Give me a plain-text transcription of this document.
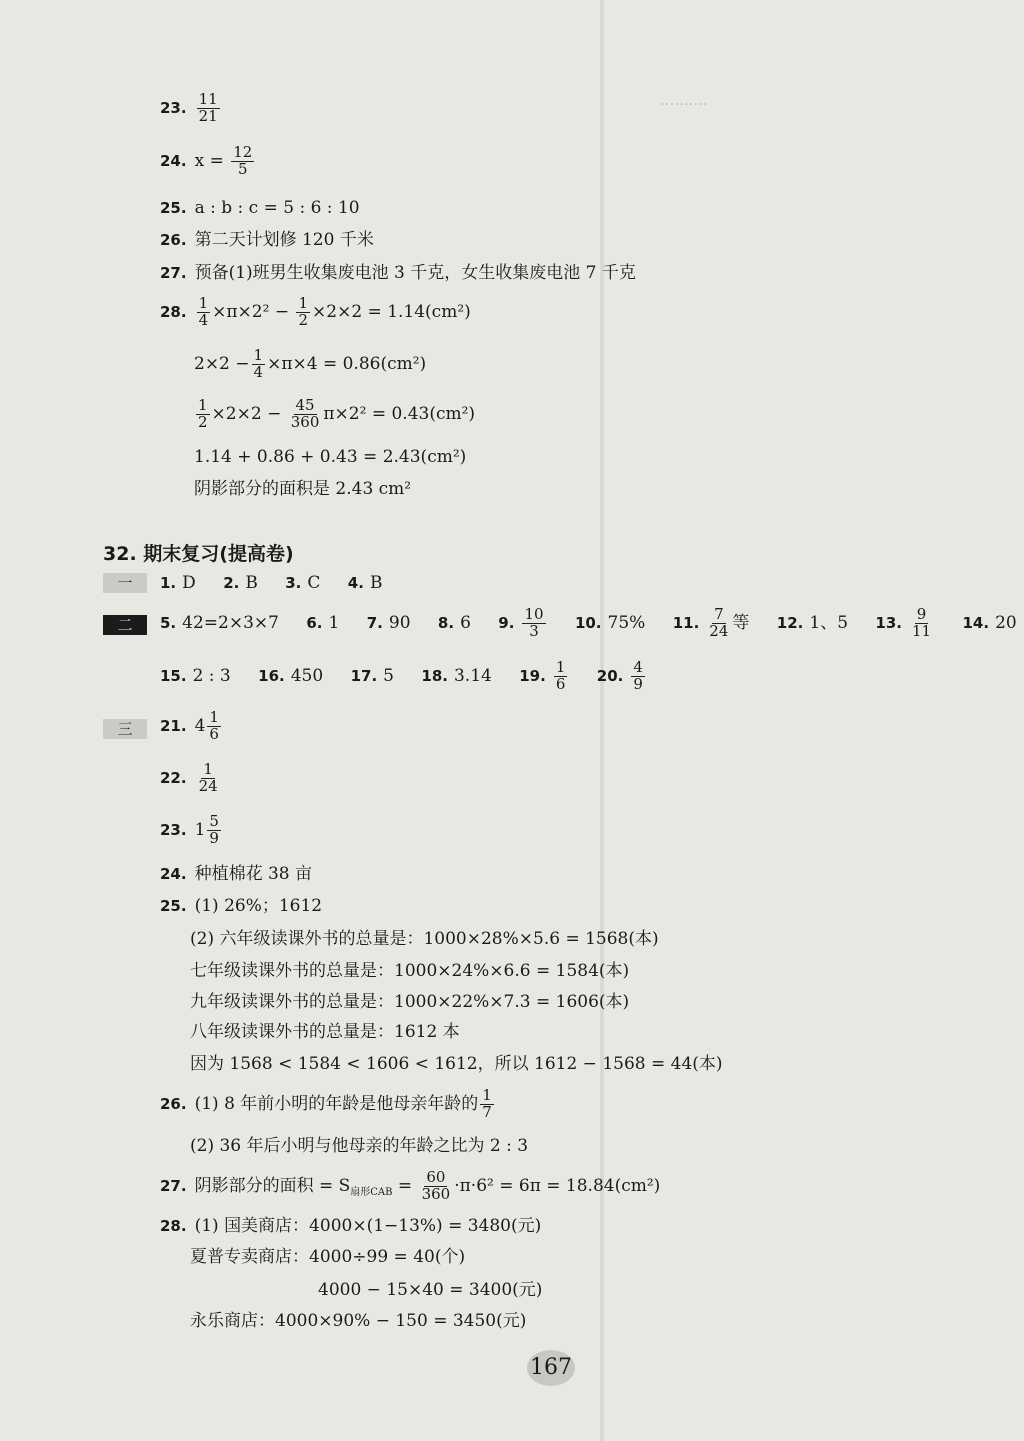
··········
23. $\frac{11}{21}$
24. $x = \frac{12}{5}$
25. a : b : c = 5 : 6 : 10
26. 第二天计划修 120 千米
27. 预备(1)班男生收集废电池 3 千克，女生收集废电池 7 千克
28. $\frac{1}{4} \times\pi\times 2^2 - \frac{1}{2} \times 2\times 2 = 1.14(cm^2)$
$2\times 2 - \frac{1}{4} \times\pi\times 4 = 0.86(cm^2)$
$\frac{1}{2} \times 2\times 2 - \frac{45}{360} \pi\times 2^2 = 0.43(cm^2)$
1.14 + 0.86 + 0.43 = 2.43(cm²)
阴影部分的面积是 2.43 cm²
32. 期末复习(提高卷)
一	1. D 2. B 3. C 4. B
二	5. 42=2×3×7 6. 1 7. 90 8. 6 9. $\frac{10}{3} 10$. 75% 11. $\frac{7}{24}$ 等 12. 1、5 13. $\frac{9}{11} 14$. 20
15. 2 : 3 16. 450 17. 5 18. 3.14 19. $\frac{1}{6} 20$. $\frac{4}{9}$
三	21. $4 \frac{1}{6}$
22. $\frac{1}{24}$
23. $1 \frac{5}{9}$
24. 种植棉花 38 亩
25. (1) 26%；1612
(2) 六年级读课外书的总量是：1000×28%×5.6 = 1568(本)
七年级读课外书的总量是：1000×24%×6.6 = 1584(本)
九年级读课外书的总量是：1000×22%×7.3 = 1606(本)
八年级读课外书的总量是：1612 本
因为 1568 < 1584 < 1606 < 1612，所以 1612 − 1568 = 44(本)
26. (1) 8 年前小明的年龄是他母亲年龄的 $\frac{1}{7}$
(2) 36 年后小明与他母亲的年龄之比为 2 : 3
27. 阴影部分的面积 = $S_{扇形CAB} = \frac{60}{360} \cdot\pi\cdot 6^2 = 6\pi = 18.84(cm^2)$
28. (1) 国美商店：4000×(1−13%) = 3480(元)
夏普专卖商店：4000÷99 = 40(个)
4000 − 15×40 = 3400(元)
永乐商店：4000×90% − 150 = 3450(元)
167
